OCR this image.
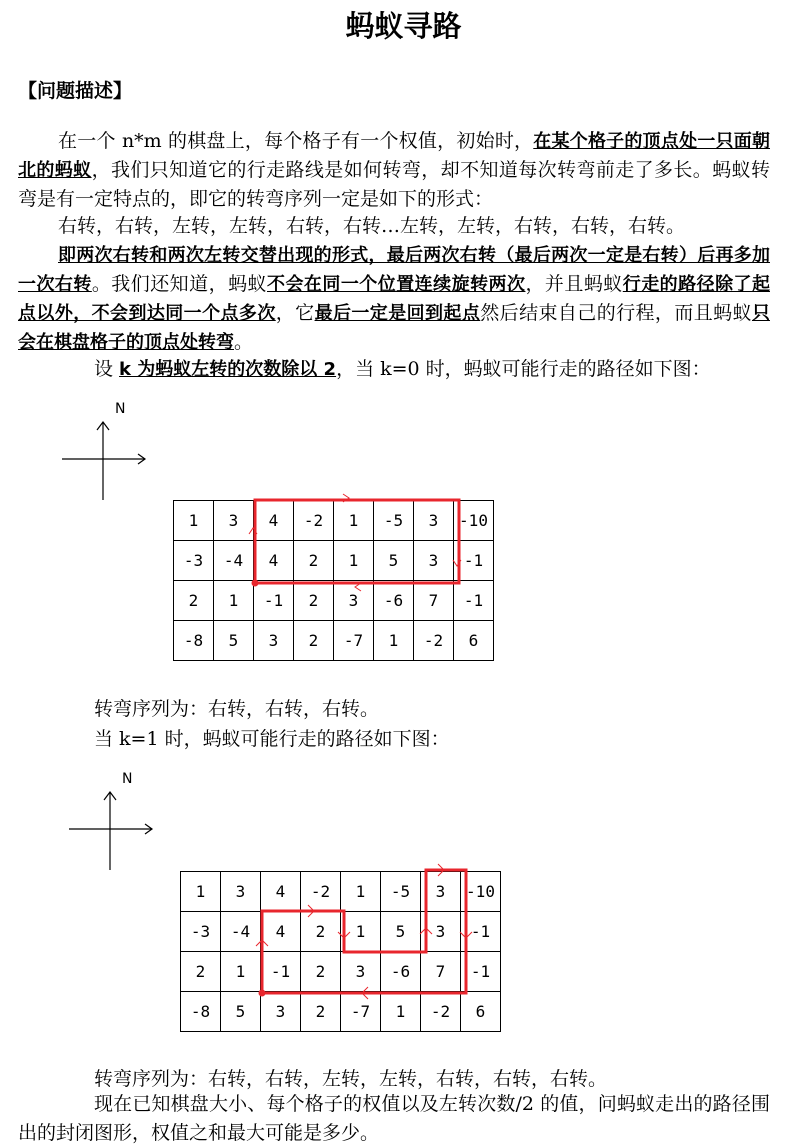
蚂蚁寻路
【问题描述】

在一个 n*m 的棋盘上，每个格子有一个权值，初始时，在某个格子的顶点处一只面朝北的蚂蚁，我们只知道它的行走路线是如何转弯，却不知道每次转弯前走了多长。蚂蚁转弯是有一定特点的，即它的转弯序列一定是如下的形式：

右转，右转，左转，左转，右转，右转…左转，左转，右转，右转，右转。

即两次右转和两次左转交替出现的形式，最后两次右转（最后两次一定是右转）后再多加一次右转。我们还知道，蚂蚁不会在同一个位置连续旋转两次，并且蚂蚁行走的路径除了起点以外，不会到达同一个点多次，它最后一定是回到起点然后结束自己的行程，而且蚂蚁只会在棋盘格子的顶点处转弯。

设 k 为蚂蚁左转的次数除以 2，当 k=0 时，蚂蚁可能行走的路径如下图：

N
1	3	4	-2	1	-5	3	-10
-3	-4	4	2	1	5	3	-1
2	1	-1	2	3	-6	7	-1
-8	5	3	2	-7	1	-2	6
转弯序列为：右转，右转，右转。
当 k=1 时，蚂蚁可能行走的路径如下图：
N
1	3	4	-2	1	-5	3	-10
-3	-4	4	2	1	5	3	-1
2	1	-1	2	3	-6	7	-1
-8	5	3	2	-7	1	-2	6
转弯序列为：右转，右转，左转，左转，右转，右转，右转。

现在已知棋盘大小、每个格子的权值以及左转次数/2 的值，问蚂蚁走出的路径围出的封闭图形，权值之和最大可能是多少。
